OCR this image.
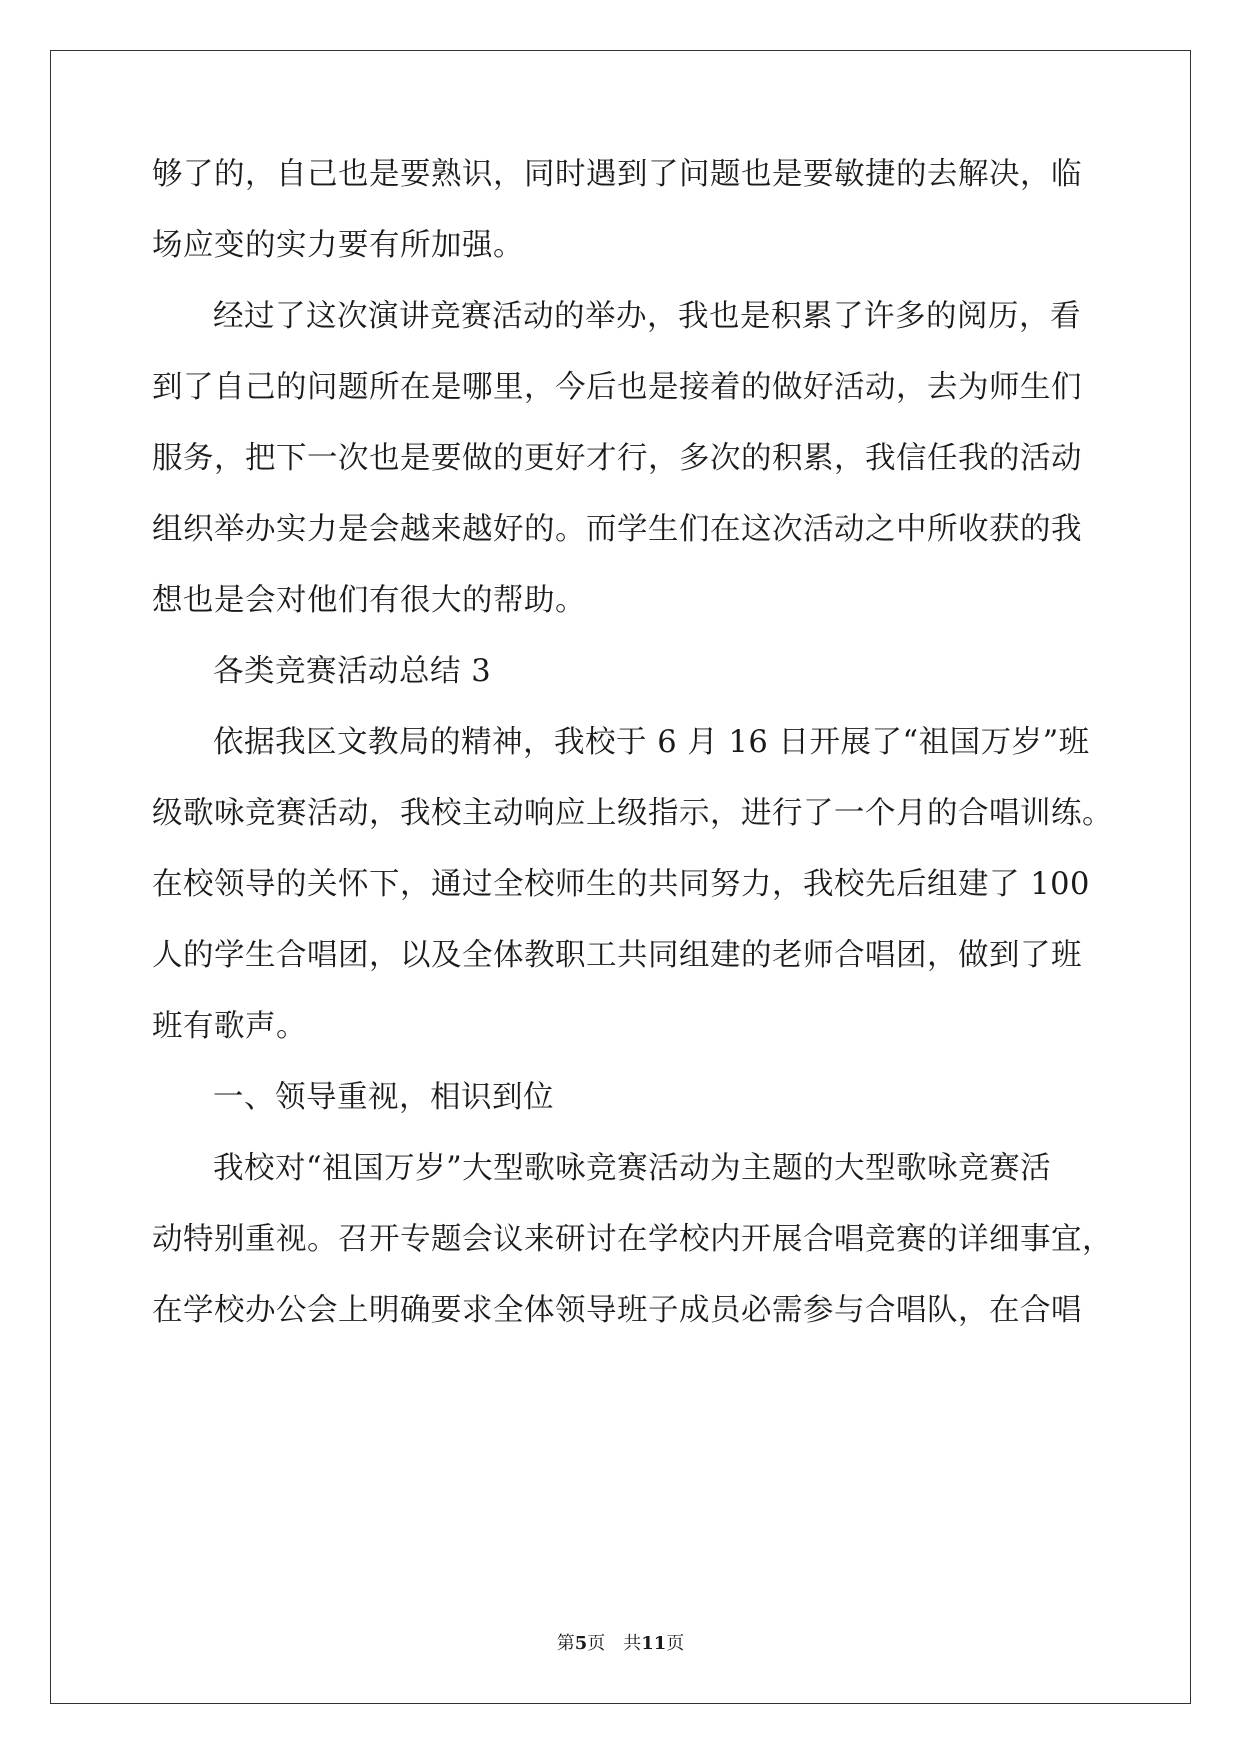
够了的，自己也是要熟识，同时遇到了问题也是要敏捷的去解决，临

场应变的实力要有所加强。

经过了这次演讲竞赛活动的举办，我也是积累了许多的阅历，看

到了自己的问题所在是哪里，今后也是接着的做好活动，去为师生们

服务，把下一次也是要做的更好才行，多次的积累，我信任我的活动

组织举办实力是会越来越好的。而学生们在这次活动之中所收获的我

想也是会对他们有很大的帮助。

各类竞赛活动总结 3

依据我区文教局的精神，我校于 6 月 16 日开展了“祖国万岁”班

级歌咏竞赛活动，我校主动响应上级指示，进行了一个月的合唱训练。

在校领导的关怀下，通过全校师生的共同努力，我校先后组建了 100

人的学生合唱团，以及全体教职工共同组建的老师合唱团，做到了班

班有歌声。

一、领导重视，相识到位

我校对“祖国万岁”大型歌咏竞赛活动为主题的大型歌咏竞赛活

动特别重视。召开专题会议来研讨在学校内开展合唱竞赛的详细事宜，

在学校办公会上明确要求全体领导班子成员必需参与合唱队，在合唱

第5页　共11页
